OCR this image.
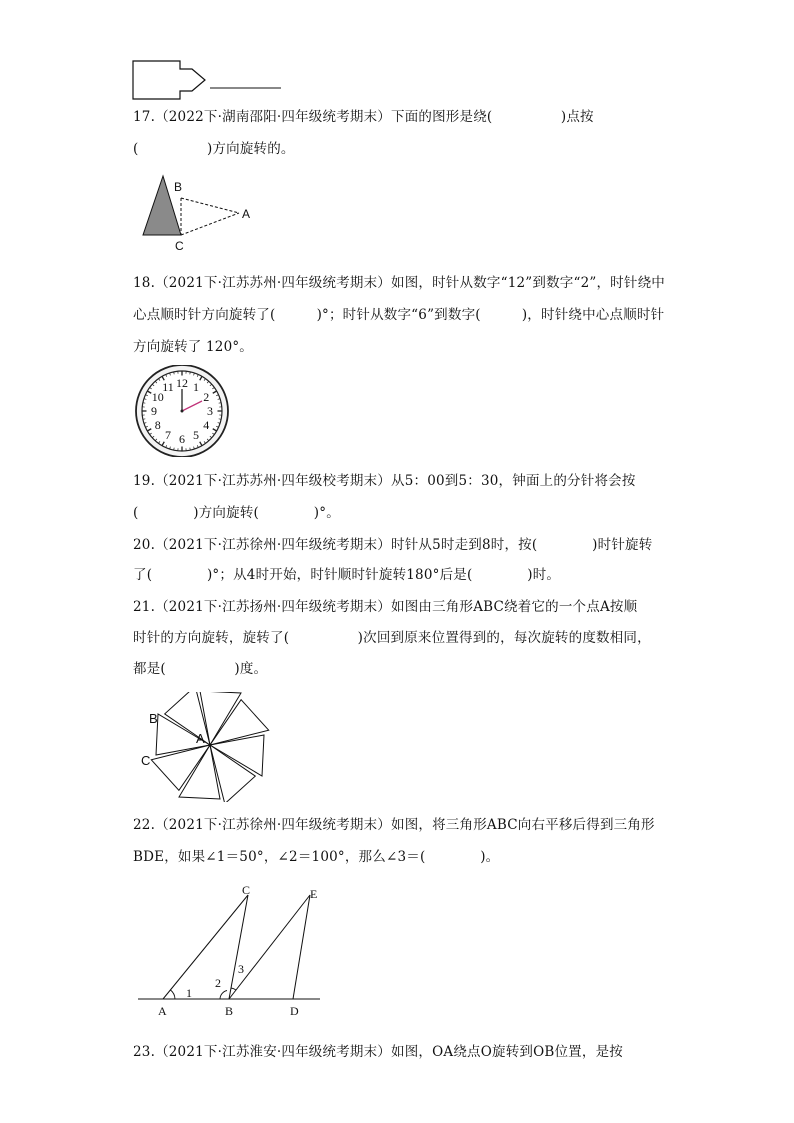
17.（2022下·湖南邵阳·四年级统考期末）下面的图形是绕(　　　　　)点按
(　　　　　)方向旋转的。
B
A
C
18.（2021下·江苏苏州·四年级统考期末）如图，时针从数字“12”到数字“2”，时针绕中
心点顺时针方向旋转了(　　　)°；时针从数字“6”到数字(　　　)，时针绕中心点顺时针
方向旋转了 120°。
12 1
2
3
4
5
6
7
8
9
10
11
19.（2021下·江苏苏州·四年级校考期末）从5：00到5：30，钟面上的分针将会按
(　　　　)方向旋转(　　　　)°。
20.（2021下·江苏徐州·四年级统考期末）时针从5时走到8时，按(　　　　)时针旋转
了(　　　　)°；从4时开始，时针顺时针旋转180°后是(　　　　)时。
21.（2021下·江苏扬州·四年级统考期末）如图由三角形ABC绕着它的一个点A按顺
时针的方向旋转，旋转了(　　　　　)次回到原来位置得到的，每次旋转的度数相同，
都是(　　　　　)度。
B
A
C
22.（2021下·江苏徐州·四年级统考期末）如图，将三角形ABC向右平移后得到三角形
BDE，如果∠1＝50°，∠2＝100°，那么∠3＝(　　　　)。
C	E
1
2
3
A	B	D
23.（2021下·江苏淮安·四年级统考期末）如图，OA绕点O旋转到OB位置，是按
